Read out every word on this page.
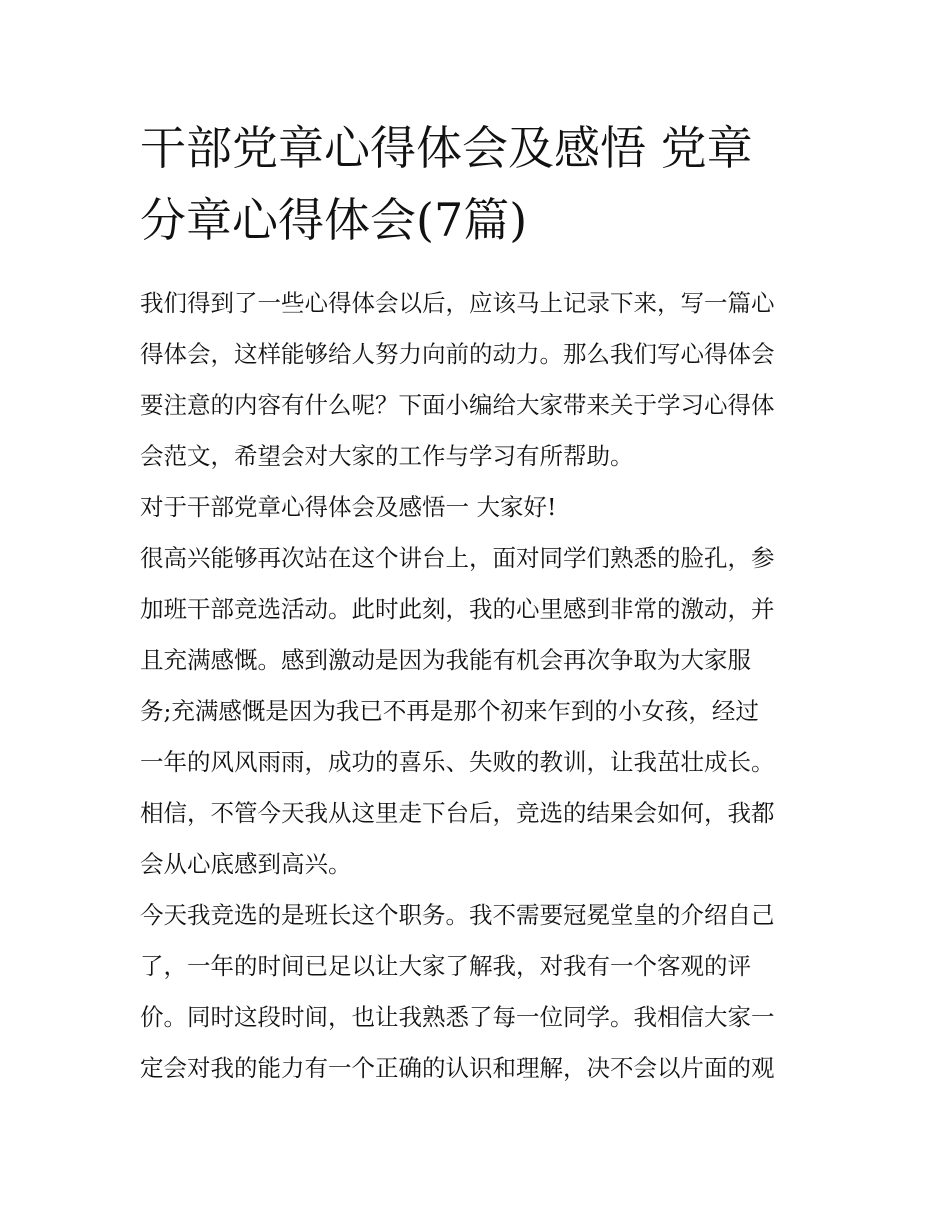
干部党章心得体会及感悟 党章
分章心得体会(7篇)

我们得到了一些心得体会以后，应该马上记录下来，写一篇心

得体会，这样能够给人努力向前的动力。那么我们写心得体会

要注意的内容有什么呢？下面小编给大家带来关于学习心得体

会范文，希望会对大家的工作与学习有所帮助。

对于干部党章心得体会及感悟一 大家好!

很高兴能够再次站在这个讲台上，面对同学们熟悉的脸孔，参

加班干部竞选活动。此时此刻，我的心里感到非常的激动，并

且充满感慨。感到激动是因为我能有机会再次争取为大家服

务;充满感慨是因为我已不再是那个初来乍到的小女孩，经过

一年的风风雨雨，成功的喜乐、失败的教训，让我茁壮成长。

相信，不管今天我从这里走下台后，竞选的结果会如何，我都

会从心底感到高兴。

今天我竞选的是班长这个职务。我不需要冠冕堂皇的介绍自己

了，一年的时间已足以让大家了解我，对我有一个客观的评

价。同时这段时间，也让我熟悉了每一位同学。我相信大家一

定会对我的能力有一个正确的认识和理解，决不会以片面的观
